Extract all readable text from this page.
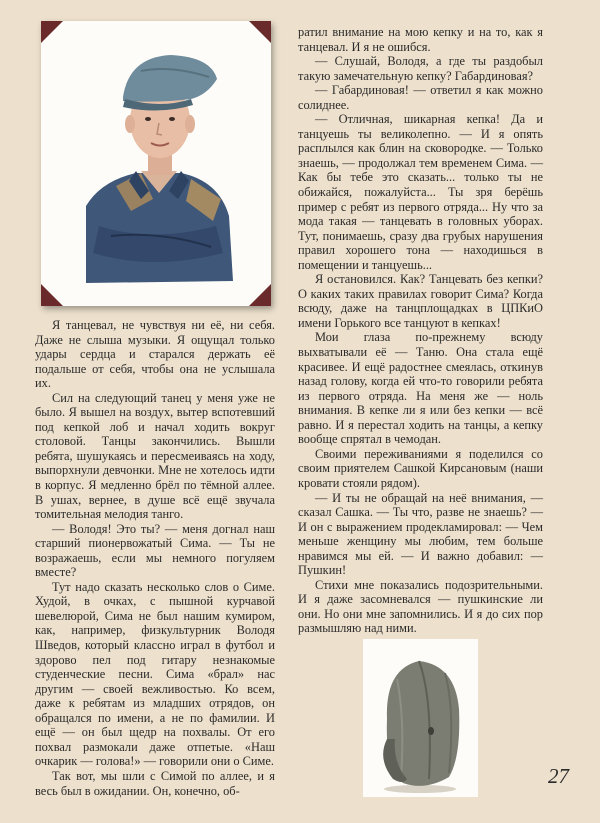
Я танцевал, не чувствуя ни её, ни себя. Даже не слыша музыки. Я ощущал только удары сердца и старался держать её подальше от себя, чтобы она не услышала их.

Сил на следующий танец у меня уже не было. Я вышел на воздух, вытер вспотевший под кепкой лоб и начал ходить вокруг столовой. Танцы закончились. Вышли ребята, шушукаясь и пересмеиваясь на ходу, выпорхнули девчонки. Мне не хотелось идти в корпус. Я медленно брёл по тёмной аллее. В ушах, вернее, в душе всё ещё звучала томительная мелодия танго.

— Володя! Это ты? — меня догнал наш старший пионервожатый Сима. — Ты не возражаешь, если мы немного погуляем вместе?

Тут надо сказать несколько слов о Симе. Худой, в очках, с пышной курчавой шевелюрой, Сима не был нашим кумиром, как, например, физкультурник Володя Шведов, который классно играл в футбол и здорово пел под гитару незнакомые студенческие песни. Сима «брал» нас другим — своей вежливостью. Ко всем, даже к ребятам из младших отрядов, он обращался по имени, а не по фамилии. И ещё — он был щедр на похвалы. От его похвал размокали даже отпетые. «Наш очкарик — голова!» — говорили они о Симе.

Так вот, мы шли с Симой по аллее, и я весь был в ожидании. Он, конечно, об-

ратил внимание на мою кепку и на то, как я танцевал. И я не ошибся.

— Слушай, Володя, а где ты раздобыл такую замечательную кепку? Габардиновая?

— Габардиновая! — ответил я как можно солиднее.

— Отличная, шикарная кепка! Да и танцуешь ты великолепно. — И я опять расплылся как блин на сковородке. — Только знаешь, — продолжал тем временем Сима. — Как бы тебе это сказать... только ты не обижайся, пожалуйста... Ты зря берёшь пример с ребят из первого отряда... Ну что за мода такая — танцевать в головных уборах. Тут, понимаешь, сразу два грубых нарушения правил хорошего тона — находишься в помещении и танцуешь...

Я остановился. Как? Танцевать без кепки? О каких таких правилах говорит Сима? Когда всюду, даже на танцплощадках в ЦПКиО имени Горького все танцуют в кепках!

Мои глаза по-прежнему всюду выхватывали её — Таню. Она стала ещё красивее. И ещё радостнее смеялась, откинув назад голову, когда ей что-то говорили ребята из первого отряда. На меня же — ноль внимания. В кепке ли я или без кепки — всё равно. И я перестал ходить на танцы, а кепку вообще спрятал в чемодан.

Своими переживаниями я поделился со своим приятелем Сашкой Кирсановым (наши кровати стояли рядом).

— И ты не обращай на неё внимания, — сказал Сашка. — Ты что, разве не знаешь? — И он с выражением продекламировал: — Чем меньше женщину мы любим, тем больше нравимся мы ей. — И важно добавил: — Пушкин!

Стихи мне показались подозрительными. И я даже засомневался — пушкинские ли они. Но они мне запомнились. И я до сих пор размышляю над ними.

27
